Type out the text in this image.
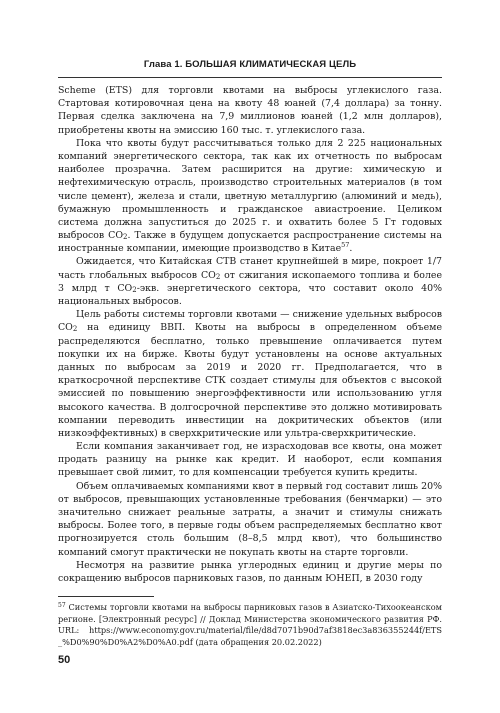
Глава 1. БОЛЬШАЯ КЛИМАТИЧЕСКАЯ ЦЕЛЬ

Scheme (ETS) для торговли квотами на выбросы углекислого газа. Стартовая котировочная цена на квоту 48 юаней (7,4 доллара) за тонну. Первая сделка заключена на 7,9 миллионов юаней (1,2 млн долларов), приобретены квоты на эмиссию 160 тыс. т. углекислого газа.

Пока что квоты будут рассчитываться только для 2 225 национальных компаний энергетического сектора, так как их отчетность по выбросам наиболее прозрачна. Затем расширится на другие: химическую и нефтехимическую отрасль, производство строительных материалов (в том числе цемент), железа и стали, цветную металлургию (алюминий и медь), бумажную промышленность и гражданское авиастроение. Целиком система должна запуститься до 2025 г. и охватить более 5 Гт годовых выбросов $CO_2$. Также в будущем допускается распространение системы на иностранные компании, имеющие производство в Китае$^{57}$.

Ожидается, что Китайская СТВ станет крупнейшей в мире, покроет 1/7 часть глобальных выбросов $CO_2$ от сжигания ископаемого топлива и более 3 млрд т $CO_2$-экв. энергетического сектора, что составит около 40% национальных выбросов.

Цель работы системы торговли квотами — снижение удельных выбросов $CO_2$ на единицу ВВП. Квоты на выбросы в определенном объеме распределяются бесплатно, только превышение оплачивается путем покупки их на бирже. Квоты будут установлены на основе актуальных данных по выбросам за 2019 и 2020 гг. Предполагается, что в краткосрочной перспективе СТК создает стимулы для объектов с высокой эмиссией по повышению энергоэффективности или использованию угля высокого качества. В долгосрочной перспективе это должно мотивировать компании переводить инвестиции на докритических объектов (или низкоэффективных) в сверхкритические или ультра-сверхкритические.

Если компания заканчивает год, не израсходовав все квоты, она может продать разницу на рынке как кредит. И наоборот, если компания превышает свой лимит, то для компенсации требуется купить кредиты.

Объем оплачиваемых компаниями квот в первый год составит лишь 20% от выбросов, превышающих установленные требования (бенчмарки) — это значительно снижает реальные затраты, а значит и стимулы снижать выбросы. Более того, в первые годы объем распределяемых бесплатно квот прогнозируется столь большим (8–8,5 млрд квот), что большинство компаний смогут практически не покупать квоты на старте торговли.

Несмотря на развитие рынка углеродных единиц и другие меры по сокращению выбросов парниковых газов, по данным ЮНЕП, в 2030 году

$^{57}$ Системы торговли квотами на выбросы парниковых газов в Азиатско-Тихоокеанском регионе. [Электронный ресурс] // Доклад Министерства экономического развития РФ. URL: https://www.economy.gov.ru/material/file/d8d7071b90d7af3818ec3a836355244f/ETS_%D0%90%D0%A2%D0%A0.pdf (дата обращения 20.02.2022)
50
